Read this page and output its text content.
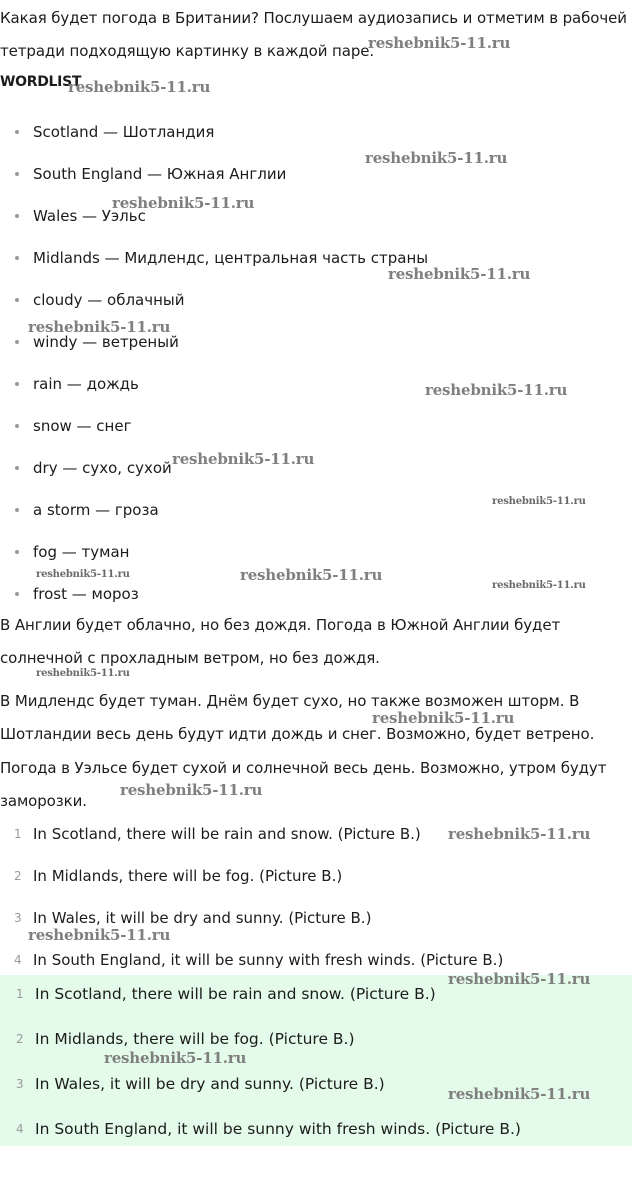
Какая будет погода в Британии? Послушаем аудиозапись и отметим в рабочей тетради подходящую картинку в каждой паре.
WORDLIST
Scotland — Шотландия
South England — Южная Англии
Wales — Уэльс
Midlands — Мидлендс, центральная часть страны
cloudy — облачный
windy — ветреный
rain — дождь
snow — снег
dry — сухо, сухой
a storm — гроза
fog — туман
frost — мороз
В Англии будет облачно, но без дождя. Погода в Южной Англии будет солнечной с прохладным ветром, но без дождя.
В Мидлендс будет туман. Днём будет сухо, но также возможен шторм. В Шотландии весь день будут идти дождь и снег. Возможно, будет ветрено.
Погода в Уэльсе будет сухой и солнечной весь день. Возможно, утром будут заморозки.
1 In Scotland, there will be rain and snow. (Picture B.)
2 In Midlands, there will be fog. (Picture B.)
3 In Wales, it will be dry and sunny. (Picture B.)
4 In South England, it will be sunny with fresh winds. (Picture B.)
1 In Scotland, there will be rain and snow. (Picture B.)
2 In Midlands, there will be fog. (Picture B.)
3 In Wales, it will be dry and sunny. (Picture B.)
4 In South England, it will be sunny with fresh winds. (Picture B.)
reshebnik5-11.ru
reshebnik5-11.ru
reshebnik5-11.ru
reshebnik5-11.ru
reshebnik5-11.ru
reshebnik5-11.ru
reshebnik5-11.ru
reshebnik5-11.ru
reshebnik5-11.ru
reshebnik5-11.ru	reshebnik5-11.ru
reshebnik5-11.ru
reshebnik5-11.ru
reshebnik5-11.ru
reshebnik5-11.ru
reshebnik5-11.ru
reshebnik5-11.ru
reshebnik5-11.ru
reshebnik5-11.ru
reshebnik5-11.ru
